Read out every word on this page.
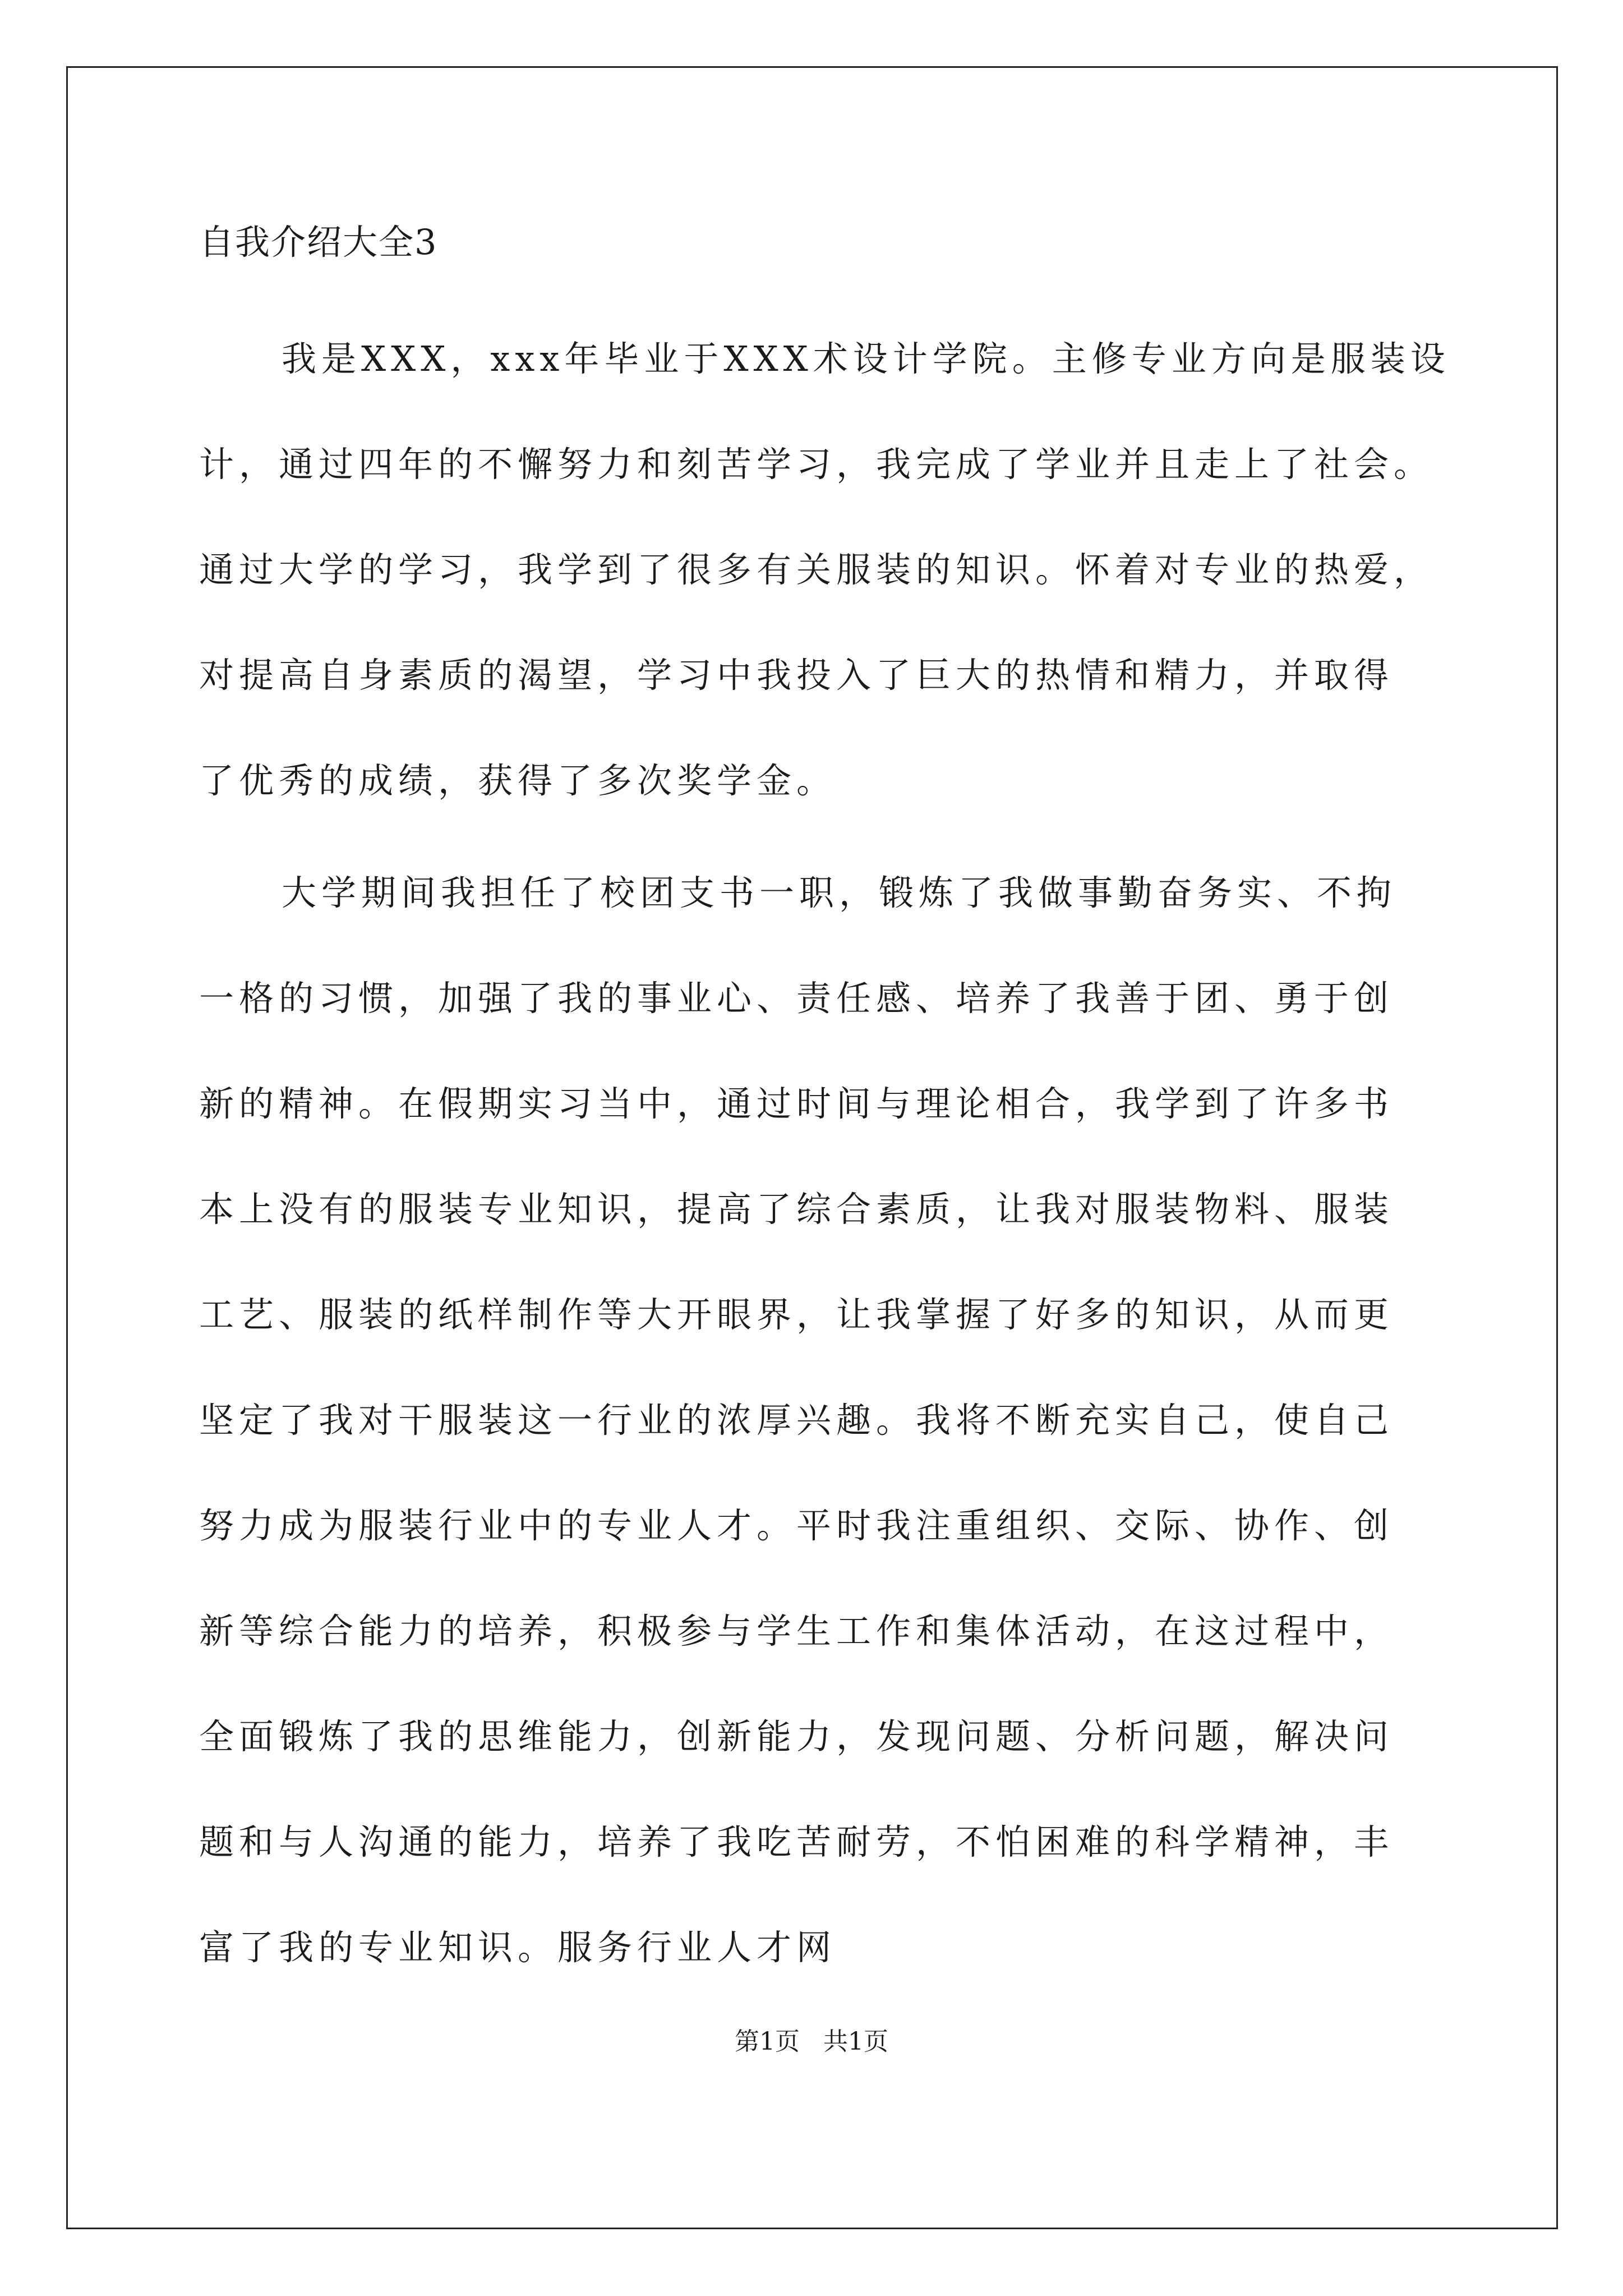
自我介绍大全3
我是XXX，xxx年毕业于XXX术设计学院。主修专业方向是服装设
计，通过四年的不懈努力和刻苦学习，我完成了学业并且走上了社会。
通过大学的学习，我学到了很多有关服装的知识。怀着对专业的热爱，
对提高自身素质的渴望，学习中我投入了巨大的热情和精力，并取得
了优秀的成绩，获得了多次奖学金。
大学期间我担任了校团支书一职，锻炼了我做事勤奋务实、不拘
一格的习惯，加强了我的事业心、责任感、培养了我善于团、勇于创
新的精神。在假期实习当中，通过时间与理论相合，我学到了许多书
本上没有的服装专业知识，提高了综合素质，让我对服装物料、服装
工艺、服装的纸样制作等大开眼界，让我掌握了好多的知识，从而更
坚定了我对干服装这一行业的浓厚兴趣。我将不断充实自己，使自己
努力成为服装行业中的专业人才。平时我注重组织、交际、协作、创
新等综合能力的培养，积极参与学生工作和集体活动，在这过程中，
全面锻炼了我的思维能力，创新能力，发现问题、分析问题，解决问
题和与人沟通的能力，培养了我吃苦耐劳，不怕困难的科学精神，丰
富了我的专业知识。服务行业人才网
第1页   共1页
